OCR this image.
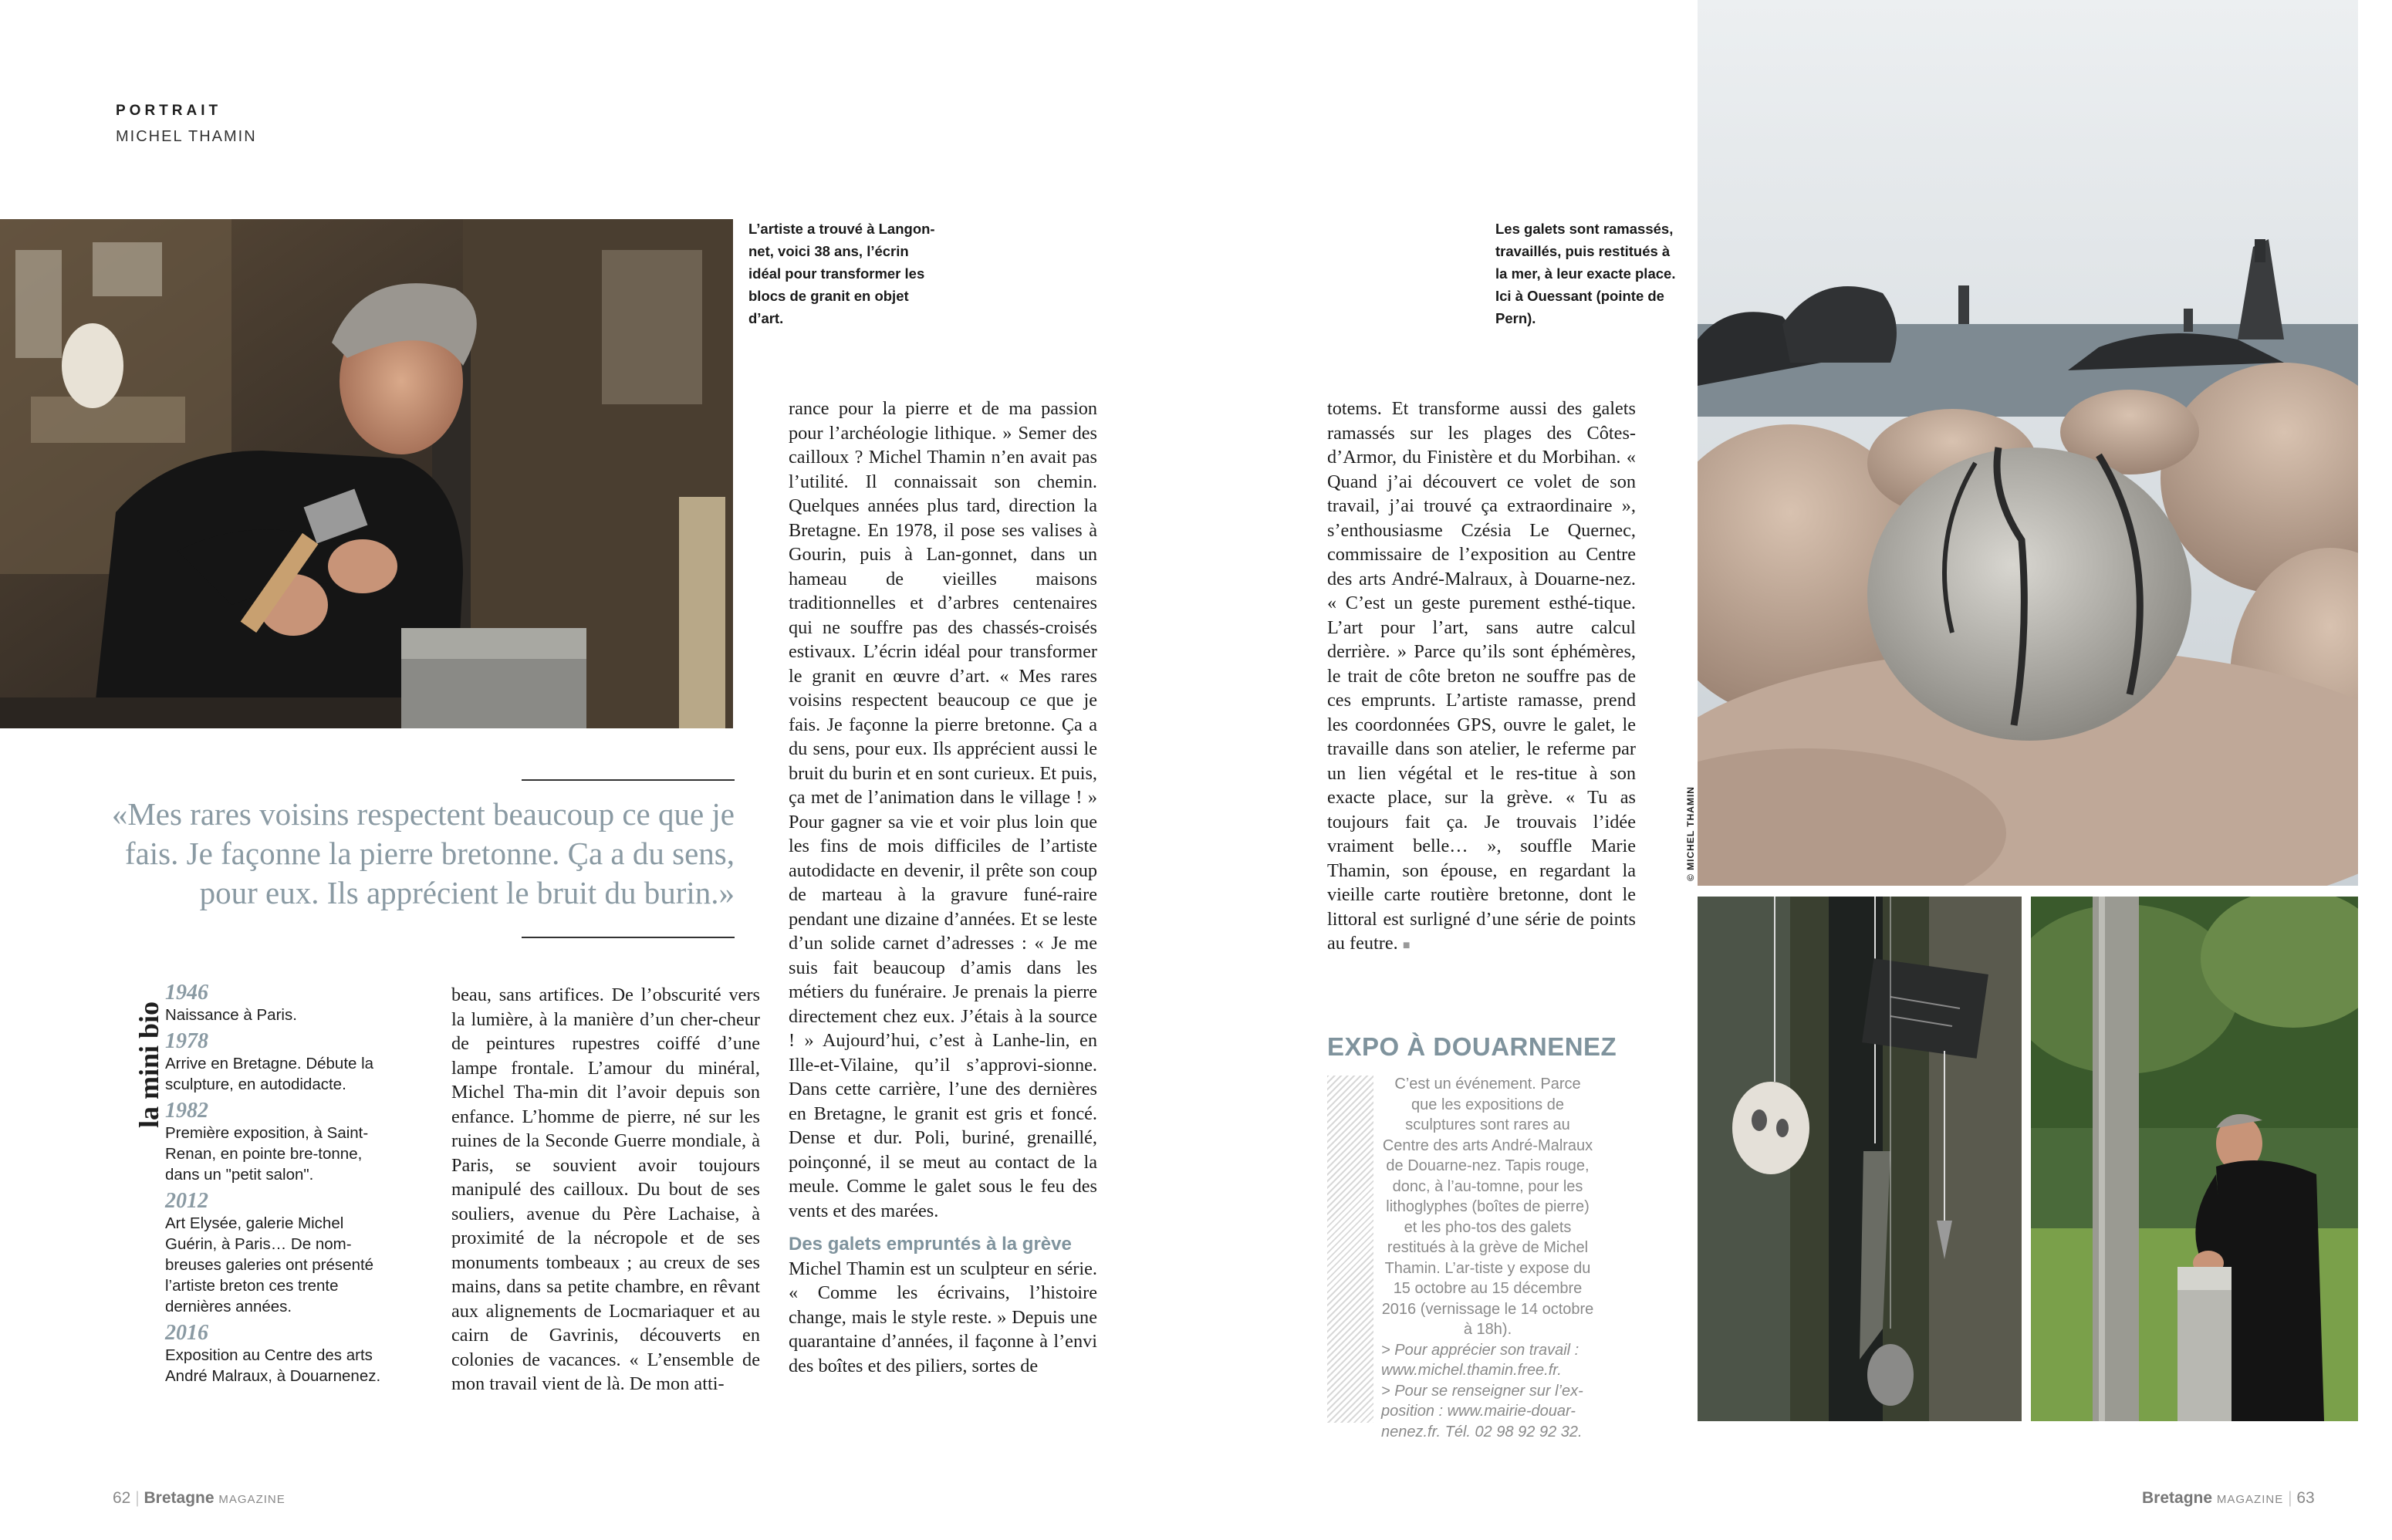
PORTRAIT
MICHEL THAMIN
L’artiste a trouvé à Langon-net, voici 38 ans, l’écrin idéal pour transformer les blocs de granit en objet d’art.
Les galets sont ramassés, travaillés, puis restitués à la mer, à leur exacte place. Ici à Ouessant (pointe de Pern).
© MICHEL THAMIN
«Mes rares voisins respectent beaucoup ce que je fais. Je façonne la pierre bretonne. Ça a du sens, pour eux. Ils apprécient le bruit du burin.»
la mini bio

1946

Naissance à Paris.

1978

Arrive en Bretagne. Débute la sculpture, en autodidacte.

1982

Première exposition, à Saint-Renan, en pointe bre-tonne, dans un "petit salon".

2012

Art Elysée, galerie Michel Guérin, à Paris… De nom-breuses galeries ont présenté l’artiste breton ces trente dernières années.

2016

Exposition au Centre des arts André Malraux, à Douarnenez.

beau, sans artifices. De l’obscurité vers la lumière, à la manière d’un cher-cheur de peintures rupestres coiffé d’une lampe frontale. L’amour du minéral, Michel Tha-min dit l’avoir depuis son enfance. L’homme de pierre, né sur les ruines de la Seconde Guerre mondiale, à Paris, se souvient avoir toujours manipulé des cailloux. Du bout de ses souliers, avenue du Père Lachaise, à proximité de la nécropole et de ses monuments tombeaux ; au creux de ses mains, dans sa petite chambre, en rêvant aux alignements de Locmariaquer et au cairn de Gavrinis, découverts en colonies de vacances. « L’ensemble de mon travail vient de là. De mon atti-

rance pour la pierre et de ma passion pour l’archéologie lithique. » Semer des cailloux ? Michel Thamin n’en avait pas l’utilité. Il connaissait son chemin. Quelques années plus tard, direction la Bretagne. En 1978, il pose ses valises à Gourin, puis à Lan-gonnet, dans un hameau de vieilles maisons traditionnelles et d’arbres centenaires qui ne souffre pas des chassés-croisés estivaux. L’écrin idéal pour transformer le granit en œuvre d’art. « Mes rares voisins respectent beaucoup ce que je fais. Je façonne la pierre bretonne. Ça a du sens, pour eux. Ils apprécient aussi le bruit du burin et en sont curieux. Et puis, ça met de l’animation dans le village ! » Pour gagner sa vie et voir plus loin que les fins de mois difficiles de l’artiste autodidacte en devenir, il prête son coup de marteau à la gravure funé-raire pendant une dizaine d’années. Et se leste d’un solide carnet d’adresses : « Je me suis fait beaucoup d’amis dans les métiers du funéraire. Je prenais la pierre directement chez eux. J’étais à la source ! » Aujourd’hui, c’est à Lanhe-lin, en Ille-et-Vilaine, qu’il s’approvi-sionne. Dans cette carrière, l’une des dernières en Bretagne, le granit est gris et foncé. Dense et dur. Poli, buriné, grenaillé, poinçonné, il se meut au contact de la meule. Comme le galet sous le feu des vents et des marées.

Des galets empruntés à la grève

Michel Thamin est un sculpteur en série. « Comme les écrivains, l’histoire change, mais le style reste. » Depuis une quarantaine d’années, il façonne à l’envi des boîtes et des piliers, sortes de

totems. Et transforme aussi des galets ramassés sur les plages des Côtes-d’Armor, du Finistère et du Morbihan. « Quand j’ai découvert ce volet de son travail, j’ai trouvé ça extraordinaire », s’enthousiasme Czésia Le Quernec, commissaire de l’exposition au Centre des arts André-Malraux, à Douarne-nez. « C’est un geste purement esthé-tique. L’art pour l’art, sans autre calcul derrière. » Parce qu’ils sont éphémères, le trait de côte breton ne souffre pas de ces emprunts. L’artiste ramasse, prend les coordonnées GPS, ouvre le galet, le travaille dans son atelier, le referme par un lien végétal et le res-titue à son exacte place, sur la grève. « Tu as toujours fait ça. Je trouvais l’idée vraiment belle… », souffle Marie Thamin, son épouse, en regardant la vieille carte routière bretonne, dont le littoral est surligné d’une série de points au feutre. ■

EXPO À DOUARNENEZ

C’est un événement. Parce que les expositions de sculptures sont rares au Centre des arts André-Malraux de Douarne-nez. Tapis rouge, donc, à l’au-tomne, pour les lithoglyphes (boîtes de pierre) et les pho-tos des galets restitués à la grève de Michel Thamin. L’ar-tiste y expose du 15 octobre au 15 décembre 2016 (vernissage le 14 octobre à 18h).

> Pour apprécier son travail : www.michel.thamin.free.fr.

> Pour se renseigner sur l’ex-position : www.mairie-douar-nenez.fr. Tél. 02 98 92 92 32.

62 | Bretagne MAGAZINE	Bretagne MAGAZINE | 63
